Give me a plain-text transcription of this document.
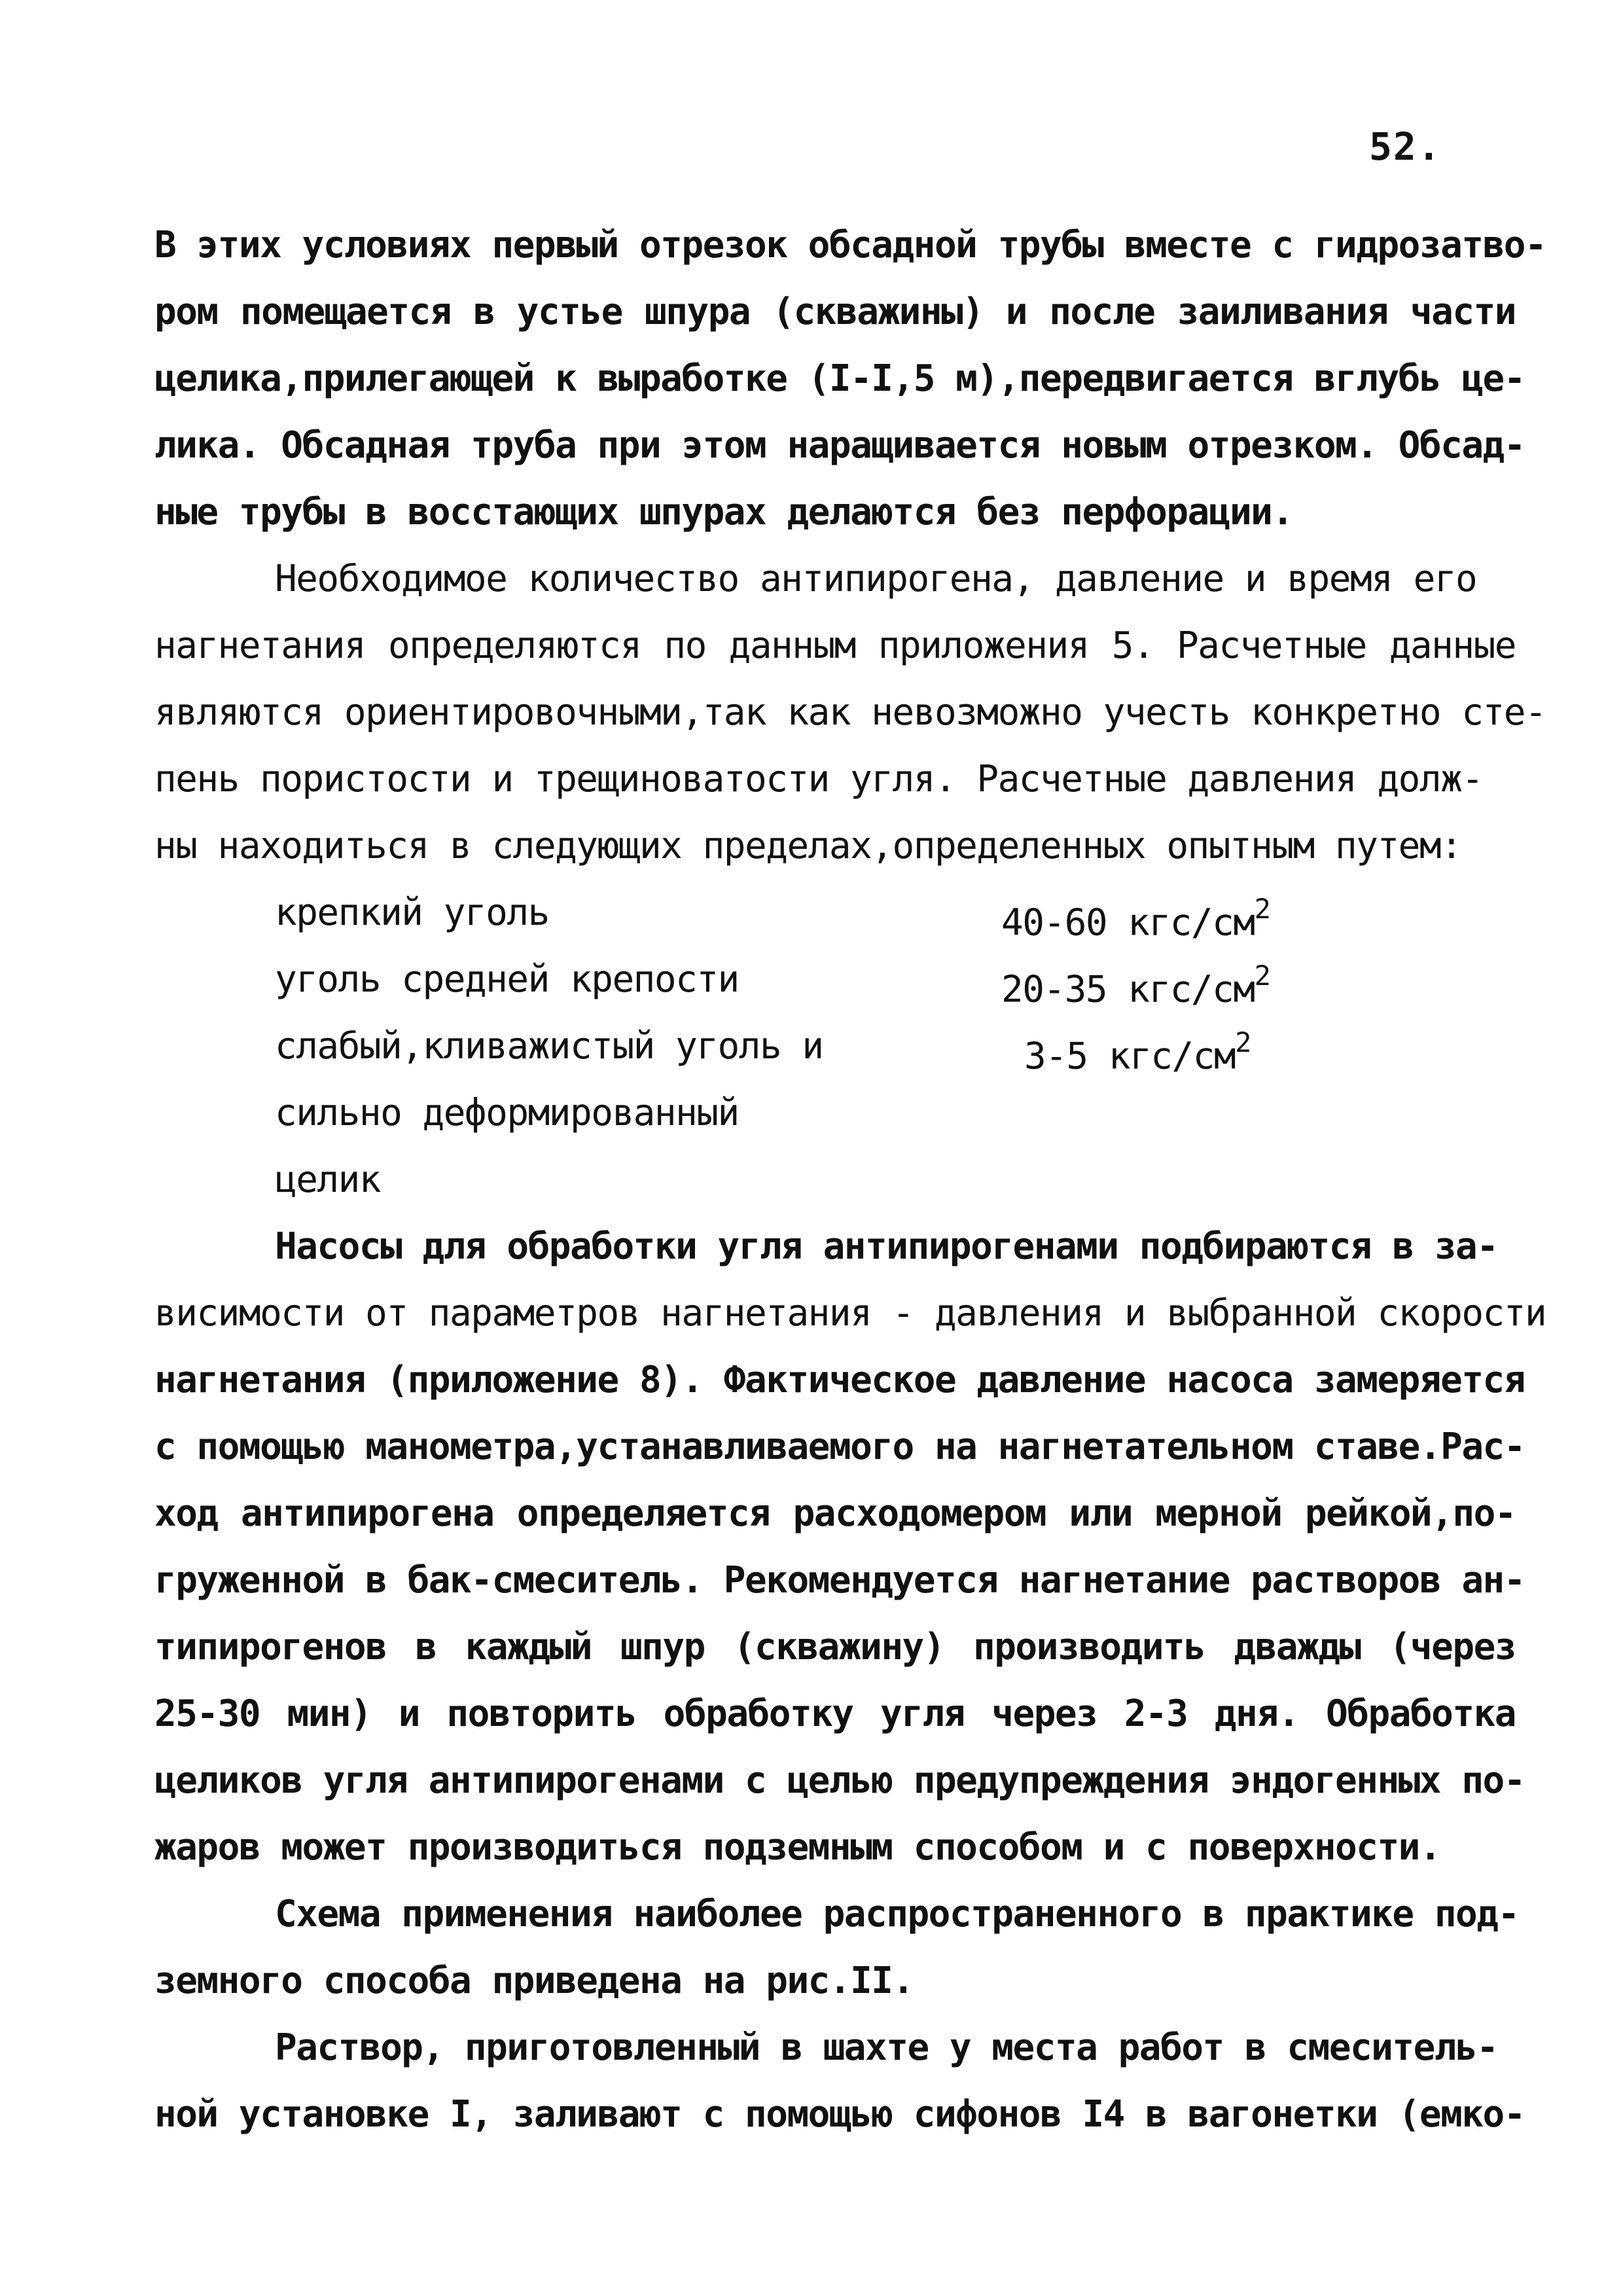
52.
В этих условиях первый отрезок обсадной трубы вместе с гидрозатво-
ром помещается в устье шпура (скважины) и после заиливания части
целика,прилегающей к выработке (I-I,5 м),передвигается вглубь це-
лика. Обсадная труба при этом наращивается новым отрезком. Обсад-
ные трубы в восстающих шпурах делаются без перфорации.
Необходимое количество антипирогена, давление и время его
нагнетания определяются по данным приложения 5. Расчетные данные
являются ориентировочными,так как невозможно учесть конкретно сте-
пень пористости и трещиноватости угля. Расчетные давления долж-
ны находиться в следующих пределах,определенных опытным путем:
крепкий уголь	40-60 кгс/$см^2$
уголь средней крепости	20-35 кгс/$см^2$
слабый,кливажистый уголь и	3-5 кгс/$см^2$
сильно деформированный
целик
Насосы для обработки угля антипирогенами подбираются в за-
висимости от параметров нагнетания - давления и выбранной скорости
нагнетания (приложение 8). Фактическое давление насоса замеряется
с помощью манометра,устанавливаемого на нагнетательном ставе.Рас-
ход антипирогена определяется расходомером или мерной рейкой,по-
груженной в бак-смеситель. Рекомендуется нагнетание растворов ан-
типирогенов в каждый шпур (скважину) производить дважды (через
25-30 мин) и повторить обработку угля через 2-3 дня. Обработка
целиков угля антипирогенами с целью предупреждения эндогенных по-
жаров может производиться подземным способом и с поверхности.
Схема применения наиболее распространенного в практике под-
земного способа приведена на рис.II.
Раствор, приготовленный в шахте у места работ в смеситель-
ной установке I, заливают с помощью сифонов I4 в вагонетки (емко-
